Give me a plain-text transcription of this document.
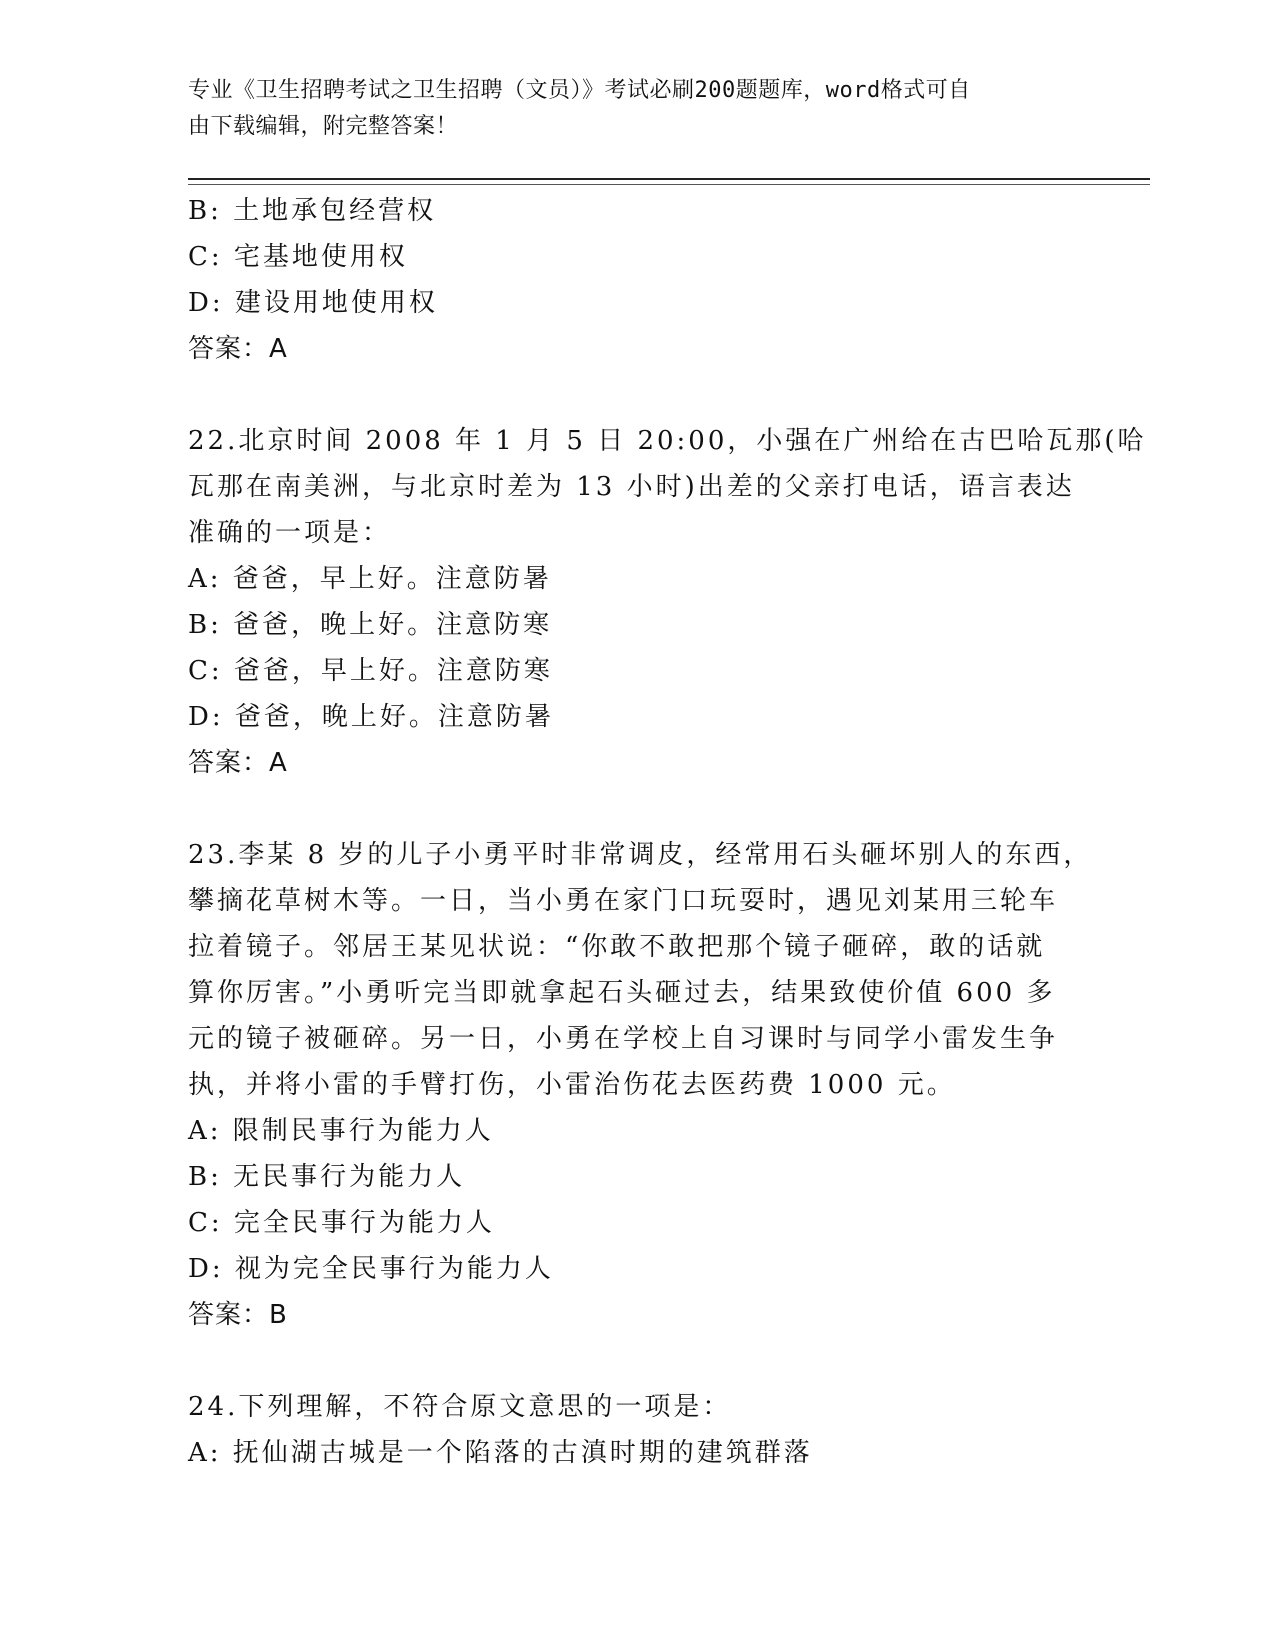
专业《卫生招聘考试之卫生招聘（文员）》考试必刷200题题库，word格式可自
由下载编辑，附完整答案！
B: 土地承包经营权
C: 宅基地使用权
D: 建设用地使用权
答案：A
22.北京时间 2008 年 1 月 5 日 20:00，小强在广州给在古巴哈瓦那(哈
瓦那在南美洲，与北京时差为 13 小时)出差的父亲打电话，语言表达
准确的一项是：
A: 爸爸，早上好。注意防暑
B: 爸爸，晚上好。注意防寒
C: 爸爸，早上好。注意防寒
D: 爸爸，晚上好。注意防暑
答案：A
23.李某 8 岁的儿子小勇平时非常调皮，经常用石头砸坏别人的东西，
攀摘花草树木等。一日，当小勇在家门口玩耍时，遇见刘某用三轮车
拉着镜子。邻居王某见状说：“你敢不敢把那个镜子砸碎，敢的话就
算你厉害。”小勇听完当即就拿起石头砸过去，结果致使价值 600 多
元的镜子被砸碎。另一日，小勇在学校上自习课时与同学小雷发生争
执，并将小雷的手臂打伤，小雷治伤花去医药费 1000 元。
A: 限制民事行为能力人
B: 无民事行为能力人
C: 完全民事行为能力人
D: 视为完全民事行为能力人
答案：B
24.下列理解，不符合原文意思的一项是：
A: 抚仙湖古城是一个陷落的古滇时期的建筑群落
